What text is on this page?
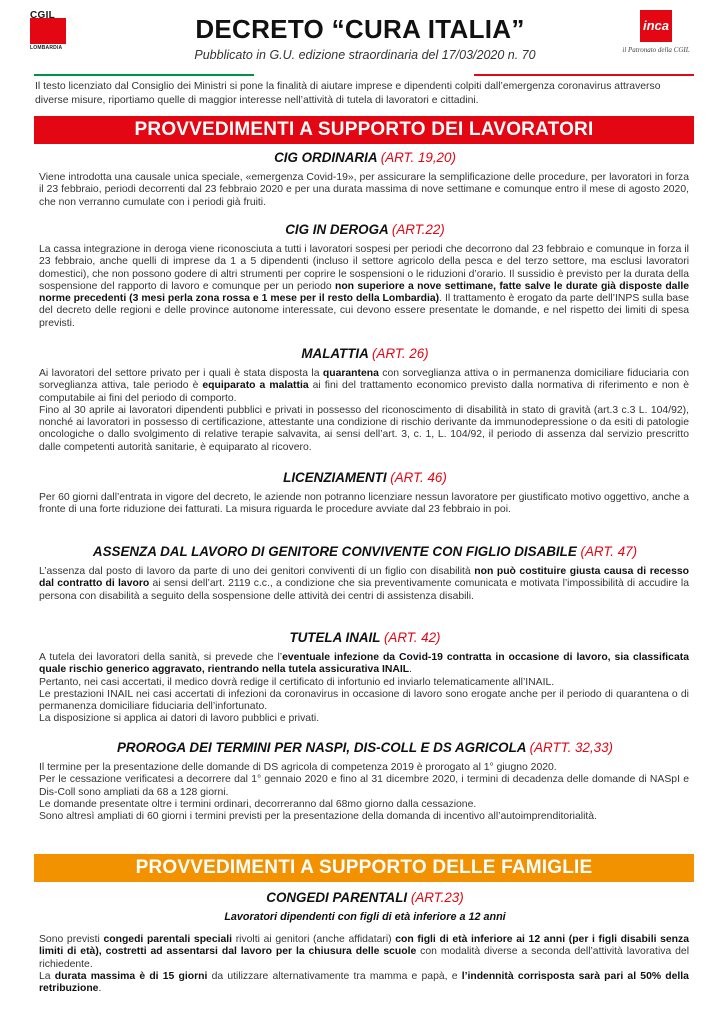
CGIL
LOMBARDIA
DECRETO “CURA ITALIA”
Pubblicato in G.U. edizione straordinaria del 17/03/2020 n. 70
inca
il Patronato della CGIL
Il testo licenziato dal Consiglio dei Ministri si pone la finalità di aiutare imprese e dipendenti colpiti dall’emergenza coronavirus attraverso diverse misure, riportiamo quelle di maggior interesse nell’attività di tutela di lavoratori e cittadini.
PROVVEDIMENTI A SUPPORTO DEI LAVORATORI
CIG ORDINARIA (ART. 19,20)

Viene introdotta una causale unica speciale, «emergenza Covid-19», per assicurare la semplificazione delle procedure, per lavoratori in forza il 23 febbraio, periodi decorrenti dal 23 febbraio 2020 e per una durata massima di nove settimane e comunque entro il mese di agosto 2020, che non verranno cumulate con i periodi già fruiti.

CIG IN DEROGA (ART.22)

La cassa integrazione in deroga viene riconosciuta a tutti i lavoratori sospesi per periodi che decorrono dal 23 febbraio e comunque in forza il 23 febbraio, anche quelli di imprese da 1 a 5 dipendenti (incluso il settore agricolo della pesca e del terzo settore, ma esclusi lavoratori domestici), che non possono godere di altri strumenti per coprire le sospensioni o le riduzioni d’orario. Il sussidio è previsto per la durata della sospensione del rapporto di lavoro e comunque per un periodo non superiore a nove settimane, fatte salve le durate già disposte dalle norme precedenti (3 mesi perla zona rossa e 1 mese per il resto della Lombardia). Il trattamento è erogato da parte dell’INPS sulla base del decreto delle regioni e delle province autonome interessate, cui devono essere presentate le domande, e nel rispetto dei limiti di spesa previsti.

MALATTIA (ART. 26)

Ai lavoratori del settore privato per i quali è stata disposta la quarantena con sorveglianza attiva o in permanenza domiciliare fiduciaria con sorveglianza attiva, tale periodo è equiparato a malattia ai fini del trattamento economico previsto dalla normativa di riferimento e non è computabile ai fini del periodo di comporto.

Fino al 30 aprile ai lavoratori dipendenti pubblici e privati in possesso del riconoscimento di disabilità in stato di gravità (art.3 c.3 L. 104/92), nonché ai lavoratori in possesso di certificazione, attestante una condizione di rischio derivante da immunodepressione o da esiti di patologie oncologiche o dallo svolgimento di relative terapie salvavita, ai sensi dell’art. 3, c. 1, L. 104/92, il periodo di assenza dal servizio prescritto dalle competenti autorità sanitarie, è equiparato al ricovero.

LICENZIAMENTI (ART. 46)

Per 60 giorni dall’entrata in vigore del decreto, le aziende non potranno licenziare nessun lavoratore per giustificato motivo oggettivo, anche a fronte di una forte riduzione dei fatturati. La misura riguarda le procedure avviate dal 23 febbraio in poi.

ASSENZA DAL LAVORO DI GENITORE CONVIVENTE CON FIGLIO DISABILE (ART. 47)

L’assenza dal posto di lavoro da parte di uno dei genitori conviventi di un figlio con disabilità non può costituire giusta causa di recesso dal contratto di lavoro ai sensi dell’art. 2119 c.c., a condizione che sia preventivamente comunicata e motivata l’impossibilità di accudire la persona con disabilità a seguito della sospensione delle attività dei centri di assistenza disabili.

TUTELA INAIL (ART. 42)

A tutela dei lavoratori della sanità, si prevede che l’eventuale infezione da Covid-19 contratta in occasione di lavoro, sia classificata quale rischio generico aggravato, rientrando nella tutela assicurativa INAIL.

Pertanto, nei casi accertati, il medico dovrà redige il certificato di infortunio ed inviarlo telematicamente all’INAIL.

Le prestazioni INAIL nei casi accertati di infezioni da coronavirus in occasione di lavoro sono erogate anche per il periodo di quarantena o di permanenza domiciliare fiduciaria dell’infortunato.

La disposizione si applica ai datori di lavoro pubblici e privati.

PROROGA DEI TERMINI PER NASPI, DIS-COLL E DS AGRICOLA (ARTT. 32,33)

Il termine per la presentazione delle domande di DS agricola di competenza 2019 è prorogato al 1° giugno 2020.

Per le cessazione verificatesi a decorrere dal 1° gennaio 2020 e fino al 31 dicembre 2020, i termini di decadenza delle domande di NASpI e Dis-Coll sono ampliati da 68 a 128 giorni.

Le domande presentate oltre i termini ordinari, decorreranno dal 68mo giorno dalla cessazione.

Sono altresì ampliati di 60 giorni i termini previsti per la presentazione della domanda di incentivo all’autoimprenditorialità.

PROVVEDIMENTI A SUPPORTO DELLE FAMIGLIE
CONGEDI PARENTALI (ART.23)
Lavoratori dipendenti con figli di età inferiore a 12 anni

Sono previsti congedi parentali speciali rivolti ai genitori (anche affidatari) con figli di età inferiore ai 12 anni (per i figli disabili senza limiti di età), costretti ad assentarsi dal lavoro per la chiusura delle scuole con modalità diverse a seconda dell’attività lavorativa del richiedente.

La durata massima è di 15 giorni da utilizzare alternativamente tra mamma e papà, e l’indennità corrisposta sarà pari al 50% della retribuzione.
